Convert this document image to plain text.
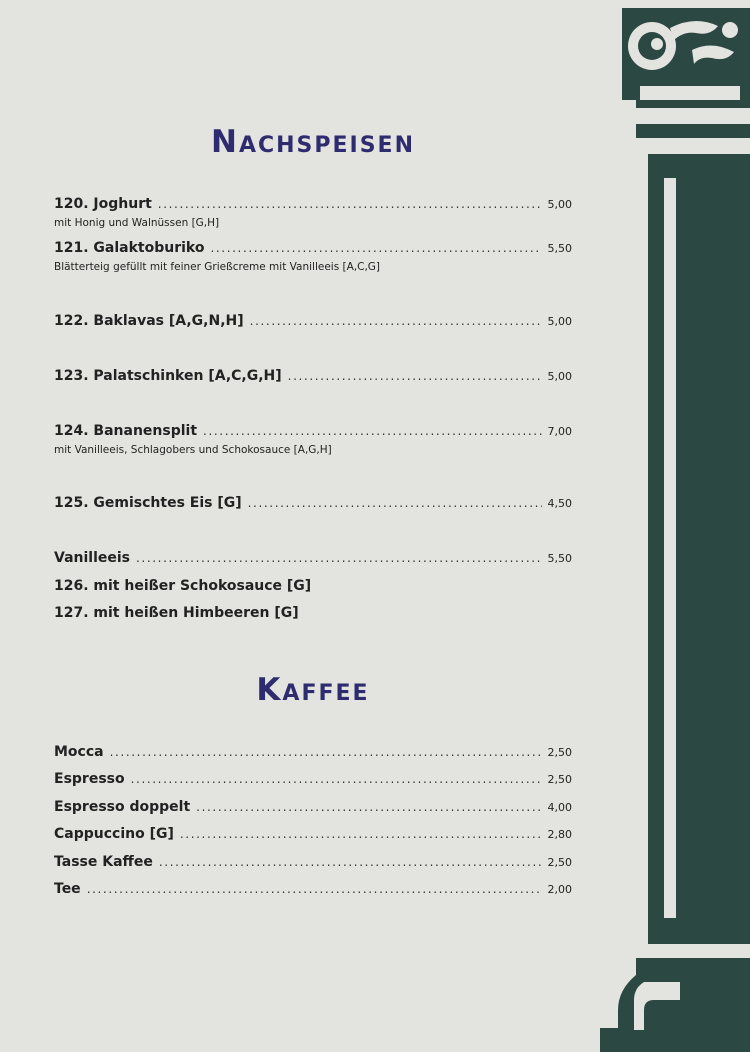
Nachspeisen
120. Joghurt .....	5,00
mit Honig und Walnüssen [G,H]
121. Galaktoburiko .....	5,50
Blätterteig gefüllt mit feiner Grießcreme mit Vanilleeis [A,C,G]
122. Baklavas [A,G,N,H] .....	5,00
123. Palatschinken [A,C,G,H] .....	5,00
124. Bananensplit .....	7,00
mit Vanilleeis, Schlagobers und Schokosauce [A,G,H]
125. Gemischtes Eis [G] .....	4,50
Vanilleeis .....	5,50
126. mit heißer Schokosauce [G]
127. mit heißen Himbeeren [G]
Kaffee
Mocca .....	2,50
Espresso .....	2,50
Espresso doppelt .....	4,00
Cappuccino [G] .....	2,80
Tasse Kaffee .....	2,50
Tee .....	2,00
